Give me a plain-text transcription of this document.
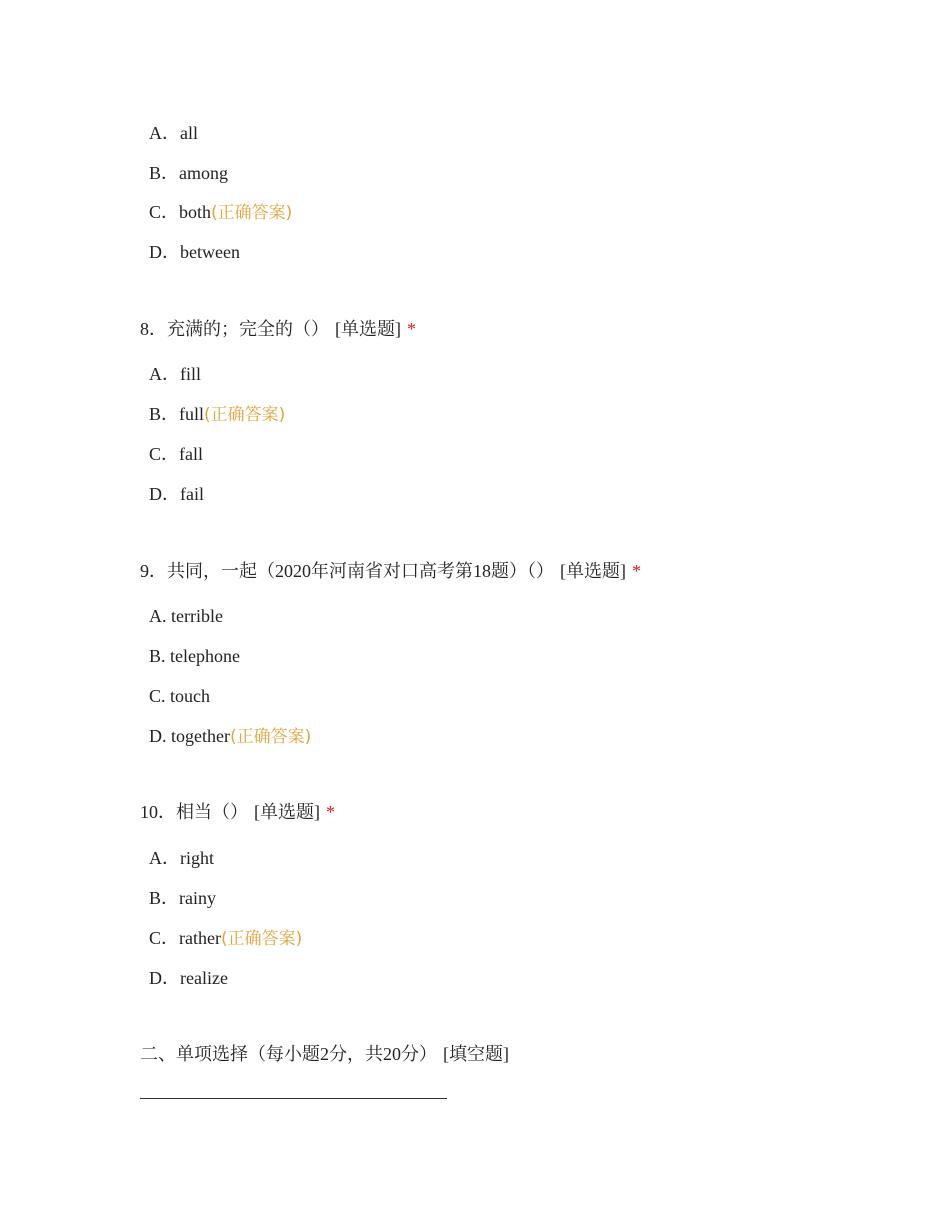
A．all
B．among
C．both(正确答案)
D．between
8．充满的；完全的（） [单选题] *
A．fill
B．full(正确答案)
C．fall
D．fail
9．共同，一起（2020年河南省对口高考第18题）（） [单选题] *
A. terrible
B. telephone
C. touch
D. together(正确答案)
10．相当（） [单选题] *
A．right
B．rainy
C．rather(正确答案)
D．realize
二、单项选择（每小题2分，共20分） [填空题]
